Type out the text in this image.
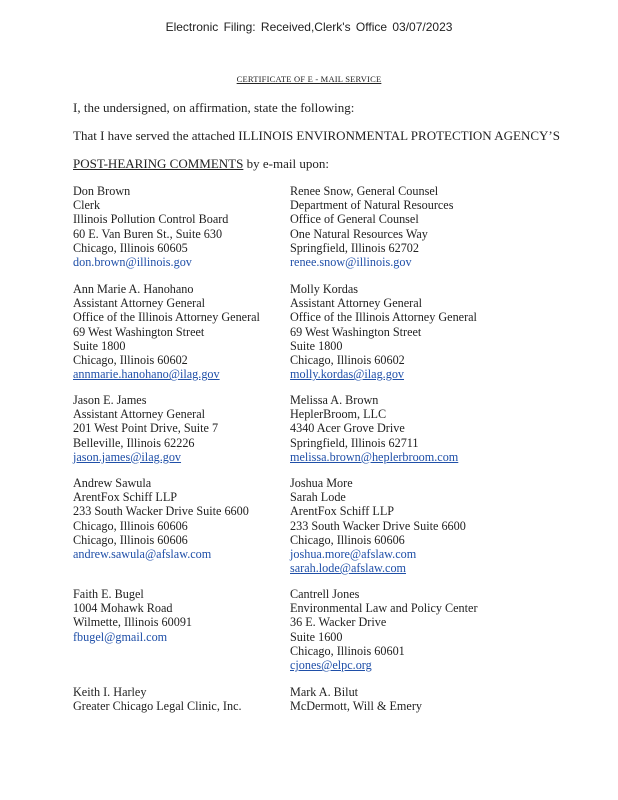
Electronic Filing: Received,Clerk's Office 03/07/2023
CERTIFICATE OF E - MAIL SERVICE
I, the undersigned, on affirmation, state the following:
That I have served the attached ILLINOIS ENVIRONMENTAL PROTECTION AGENCY’S
POST-HEARING COMMENTS by e-mail upon:
Don Brown
Clerk
Illinois Pollution Control Board
60 E. Van Buren St., Suite 630
Chicago, Illinois 60605
don.brown@illinois.gov
Renee Snow, General Counsel
Department of Natural Resources
Office of General Counsel
One Natural Resources Way
Springfield, Illinois 62702
renee.snow@illinois.gov
Ann Marie A. Hanohano
Assistant Attorney General
Office of the Illinois Attorney General
69 West Washington Street
Suite 1800
Chicago, Illinois 60602
annmarie.hanohano@ilag.gov
Molly Kordas
Assistant Attorney General
Office of the Illinois Attorney General
69 West Washington Street
Suite 1800
Chicago, Illinois 60602
molly.kordas@ilag.gov
Jason E. James
Assistant Attorney General
201 West Point Drive, Suite 7
Belleville, Illinois 62226
jason.james@ilag.gov
Melissa A. Brown
HeplerBroom, LLC
4340 Acer Grove Drive
Springfield, Illinois 62711
melissa.brown@heplerbroom.com
Andrew Sawula
ArentFox Schiff LLP
233 South Wacker Drive Suite 6600
Chicago, Illinois 60606
Chicago, Illinois 60606
andrew.sawula@afslaw.com
Joshua More
Sarah Lode
ArentFox Schiff LLP
233 South Wacker Drive Suite 6600
Chicago, Illinois 60606
joshua.more@afslaw.com
sarah.lode@afslaw.com
Faith E. Bugel
1004 Mohawk Road
Wilmette, Illinois 60091
fbugel@gmail.com
Cantrell Jones
Environmental Law and Policy Center
36 E. Wacker Drive
Suite 1600
Chicago, Illinois 60601
cjones@elpc.org
Keith I. Harley
Greater Chicago Legal Clinic, Inc.
Mark A. Bilut
McDermott, Will & Emery
